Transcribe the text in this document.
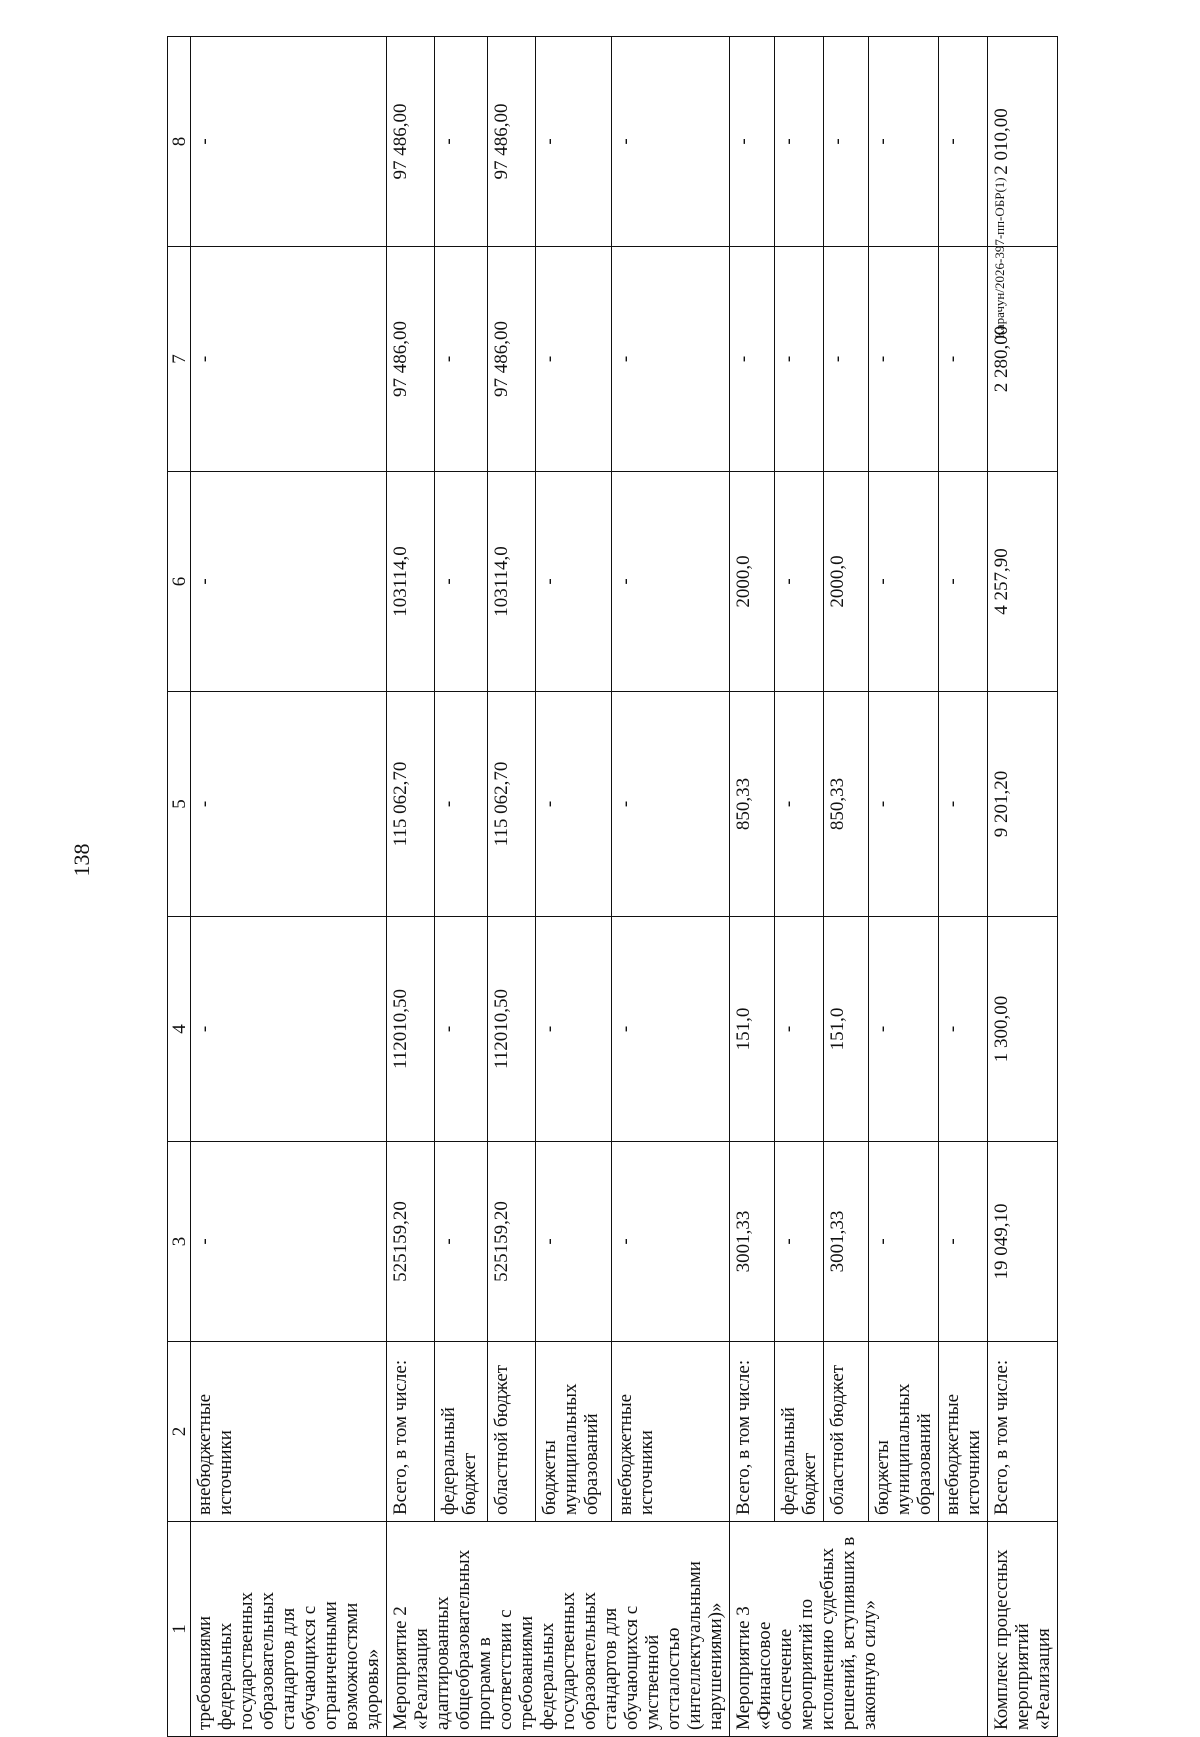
138
Карачун/2026-397-пп-ОБР(1)
1	2	3	4	5	6	7	8
требованиями федеральных государственных образовательных стандартов для обучающихся с ограниченными возможностями здоровья»	внебюджетные источники	-	-	-	-	-	-
Мероприятие 2 «Реализация адаптированных общеобразовательных программ в соответствии с требованиями федеральных государственных образовательных стандартов для обучающихся с умственной отсталостью (интеллектуальными нарушениями)»	Всего, в том числе:	525159,20	112010,50	115 062,70	103114,0	97 486,00	97 486,00
	федеральный бюджет	-	-	-	-	-	-
	областной бюджет	525159,20	112010,50	115 062,70	103114,0	97 486,00	97 486,00
	бюджеты муниципальных образований	-	-	-	-	-	-
	внебюджетные источники	-	-	-	-	-	-
Мероприятие 3 «Финансовое обеспечение мероприятий по исполнению судебных решений, вступивших в законную силу»	Всего, в том числе:	3001,33	151,0	850,33	2000,0	-	-
	федеральный бюджет	-	-	-	-	-	-
	областной бюджет	3001,33	151,0	850,33	2000,0	-	-
	бюджеты муниципальных образований	-	-	-	-	-	-
	внебюджетные источники	-	-	-	-	-	-
Комплекс процессных мероприятий «Реализация	Всего, в том числе:	19 049,10	1 300,00	9 201,20	4 257,90	2 280,00	2 010,00
